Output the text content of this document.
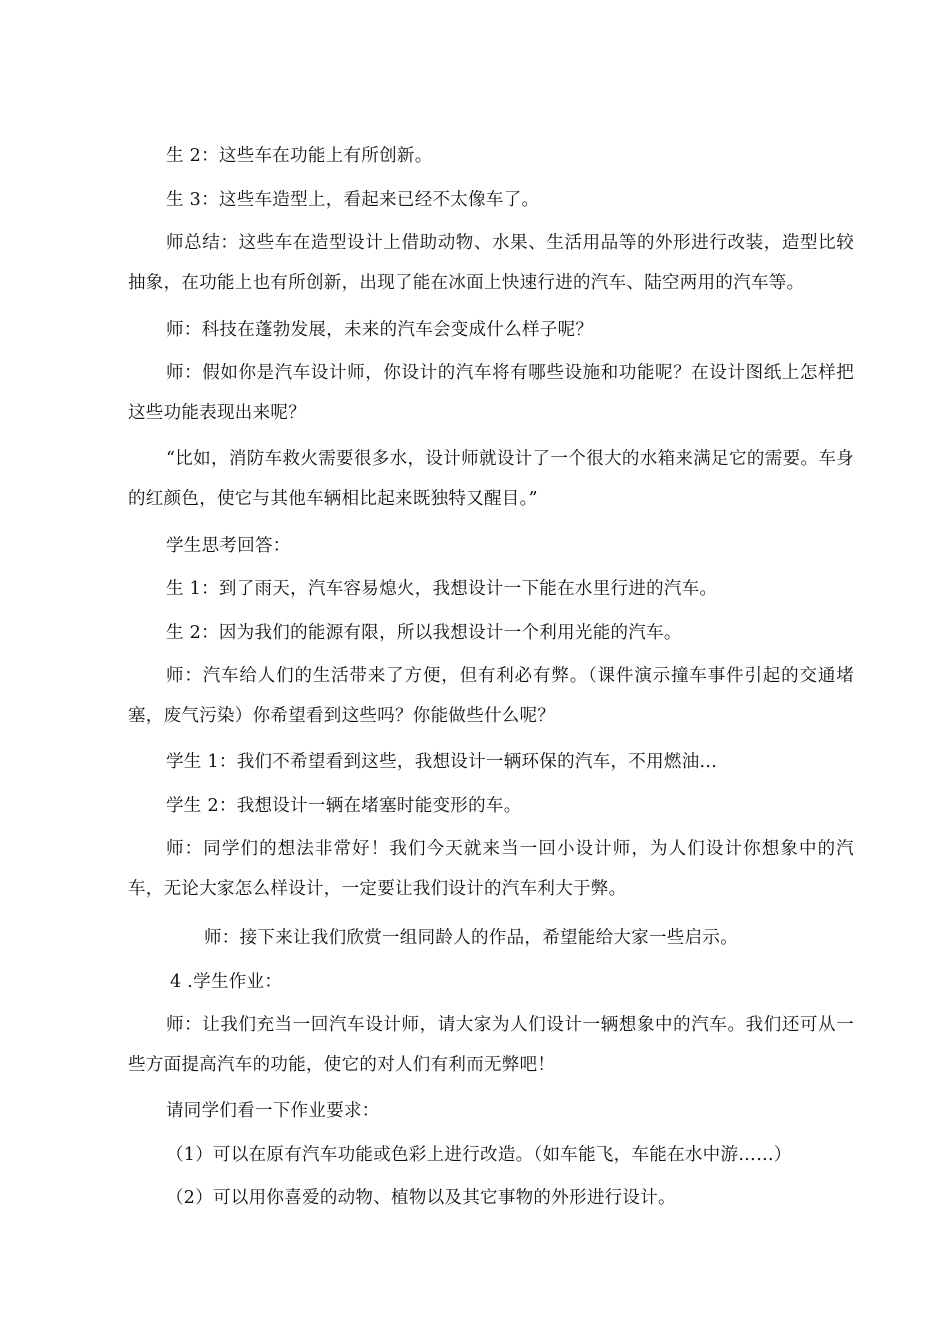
生 2：这些车在功能上有所创新。

生 3：这些车造型上，看起来已经不太像车了。

师总结：这些车在造型设计上借助动物、水果、生活用品等的外形进行改装，造型比较抽象，在功能上也有所创新，出现了能在冰面上快速行进的汽车、陆空两用的汽车等。

师：科技在蓬勃发展，未来的汽车会变成什么样子呢？

师：假如你是汽车设计师，你设计的汽车将有哪些设施和功能呢？在设计图纸上怎样把这些功能表现出来呢？

“比如，消防车救火需要很多水，设计师就设计了一个很大的水箱来满足它的需要。车身的红颜色，使它与其他车辆相比起来既独特又醒目。”

学生思考回答：

生 1：到了雨天，汽车容易熄火，我想设计一下能在水里行进的汽车。

生 2：因为我们的能源有限，所以我想设计一个利用光能的汽车。

师：汽车给人们的生活带来了方便，但有利必有弊。（课件演示撞车事件引起的交通堵塞，废气污染）你希望看到这些吗？你能做些什么呢？

学生 1：我们不希望看到这些，我想设计一辆环保的汽车，不用燃油...

学生 2：我想设计一辆在堵塞时能变形的车。

师：同学们的想法非常好！我们今天就来当一回小设计师，为人们设计你想象中的汽车，无论大家怎么样设计，一定要让我们设计的汽车利大于弊。

师：接下来让我们欣赏一组同龄人的作品，希望能给大家一些启示。

4 .学生作业：

师：让我们充当一回汽车设计师，请大家为人们设计一辆想象中的汽车。我们还可从一些方面提高汽车的功能，使它的对人们有利而无弊吧！

请同学们看一下作业要求：

（1）可以在原有汽车功能或色彩上进行改造。（如车能飞，车能在水中游……）

（2）可以用你喜爱的动物、植物以及其它事物的外形进行设计。
